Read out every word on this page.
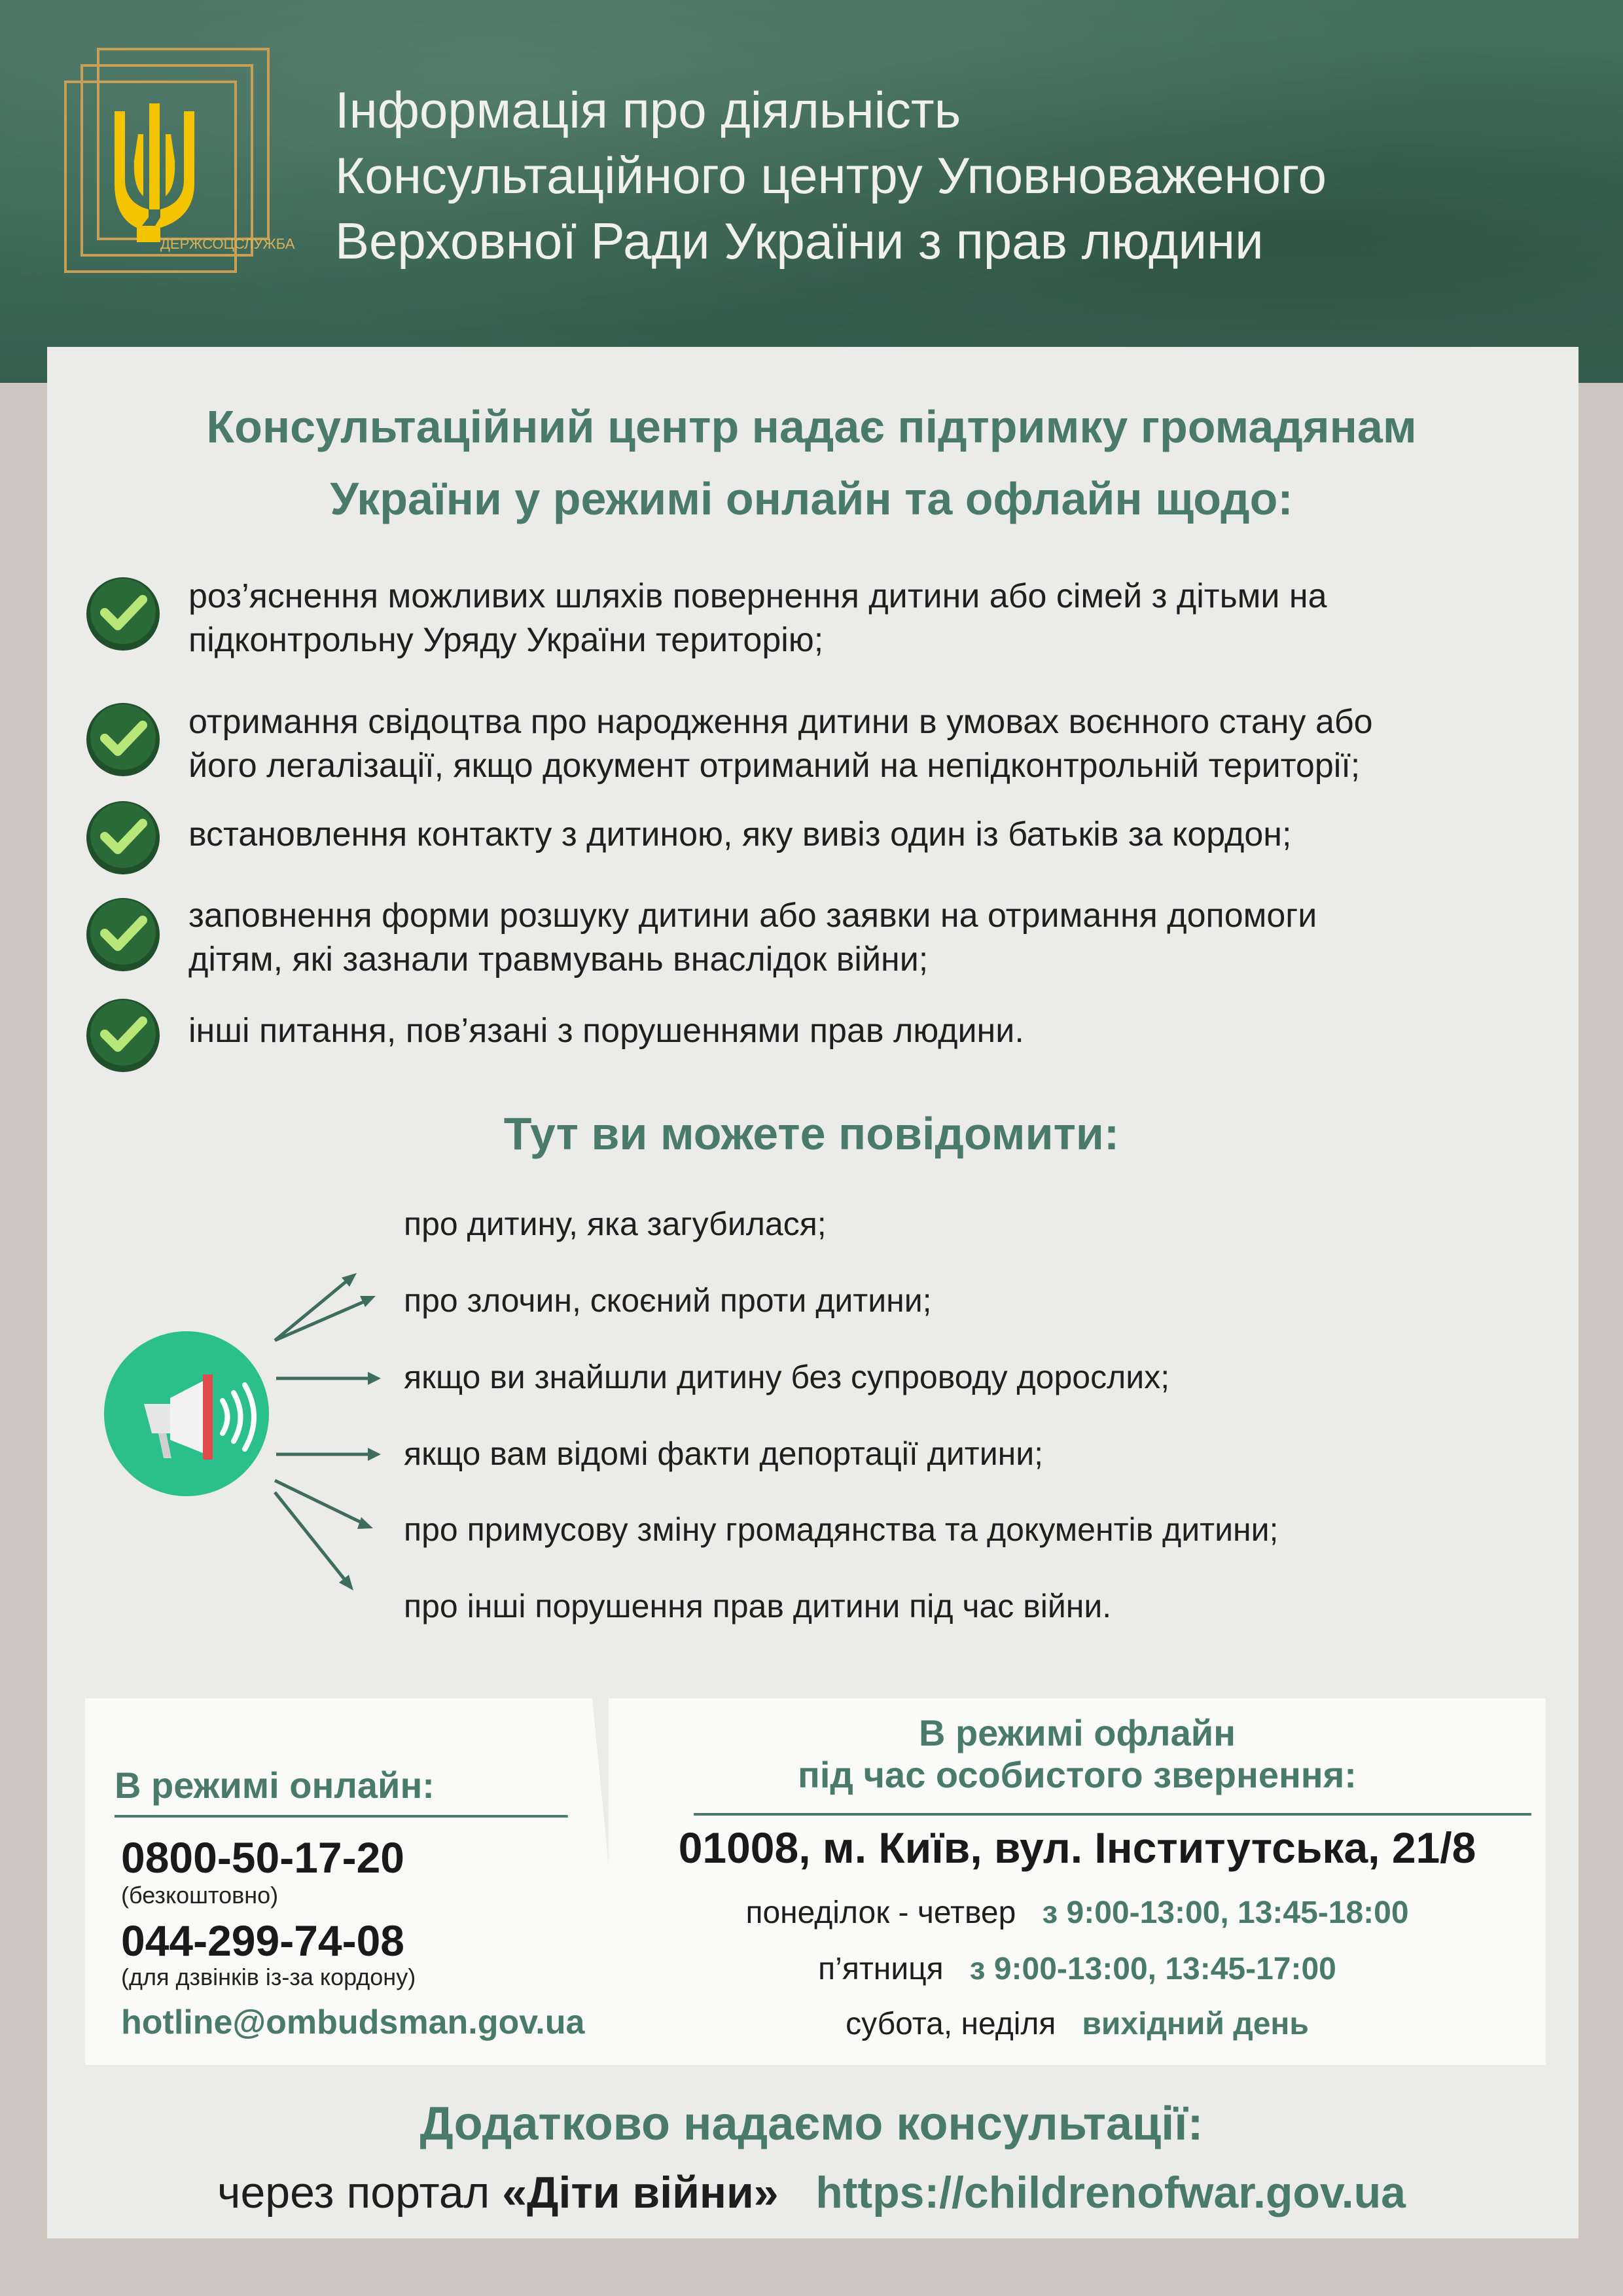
ДЕРЖСОЦСЛУЖБА
Інформація про діяльність
Консультаційного центру Уповноваженого
Верховної Ради України з прав людини
Консультаційний центр надає підтримку громадянам
України у режимі онлайн та офлайн щодо:
роз’яснення можливих шляхів повернення дитини або сімей з дітьми на
підконтрольну Уряду України територію;
отримання свідоцтва про народження дитини в умовах воєнного стану або
його легалізації, якщо документ отриманий на непідконтрольній території;
встановлення контакту з дитиною, яку вивіз один із батьків за кордон;
заповнення форми розшуку дитини або заявки на отримання допомоги
дітям, які зазнали травмувань внаслідок війни;
інші питання, пов’язані з порушеннями прав людини.
Тут ви можете повідомити:
про дитину, яка загубилася;
про злочин, скоєний проти дитини;
якщо ви знайшли дитину без супроводу дорослих;
якщо вам відомі факти депортації дитини;
про примусову зміну громадянства та документів дитини;
про інші порушення прав дитини під час війни.
В режимі онлайн:
0800-50-17-20
(безкоштовно)
044-299-74-08
(для дзвінків із-за кордону)
hotline@ombudsman.gov.ua
В режимі офлайн
під час особистого звернення:
01008, м. Київ, вул. Інститутська, 21/8
понеділок - четвер з 9:00-13:00, 13:45-18:00
п’ятниця з 9:00-13:00, 13:45-17:00
субота, неділя вихідний день
Додатково надаємо консультації:
через портал «Діти війни» https://childrenofwar.gov.ua
